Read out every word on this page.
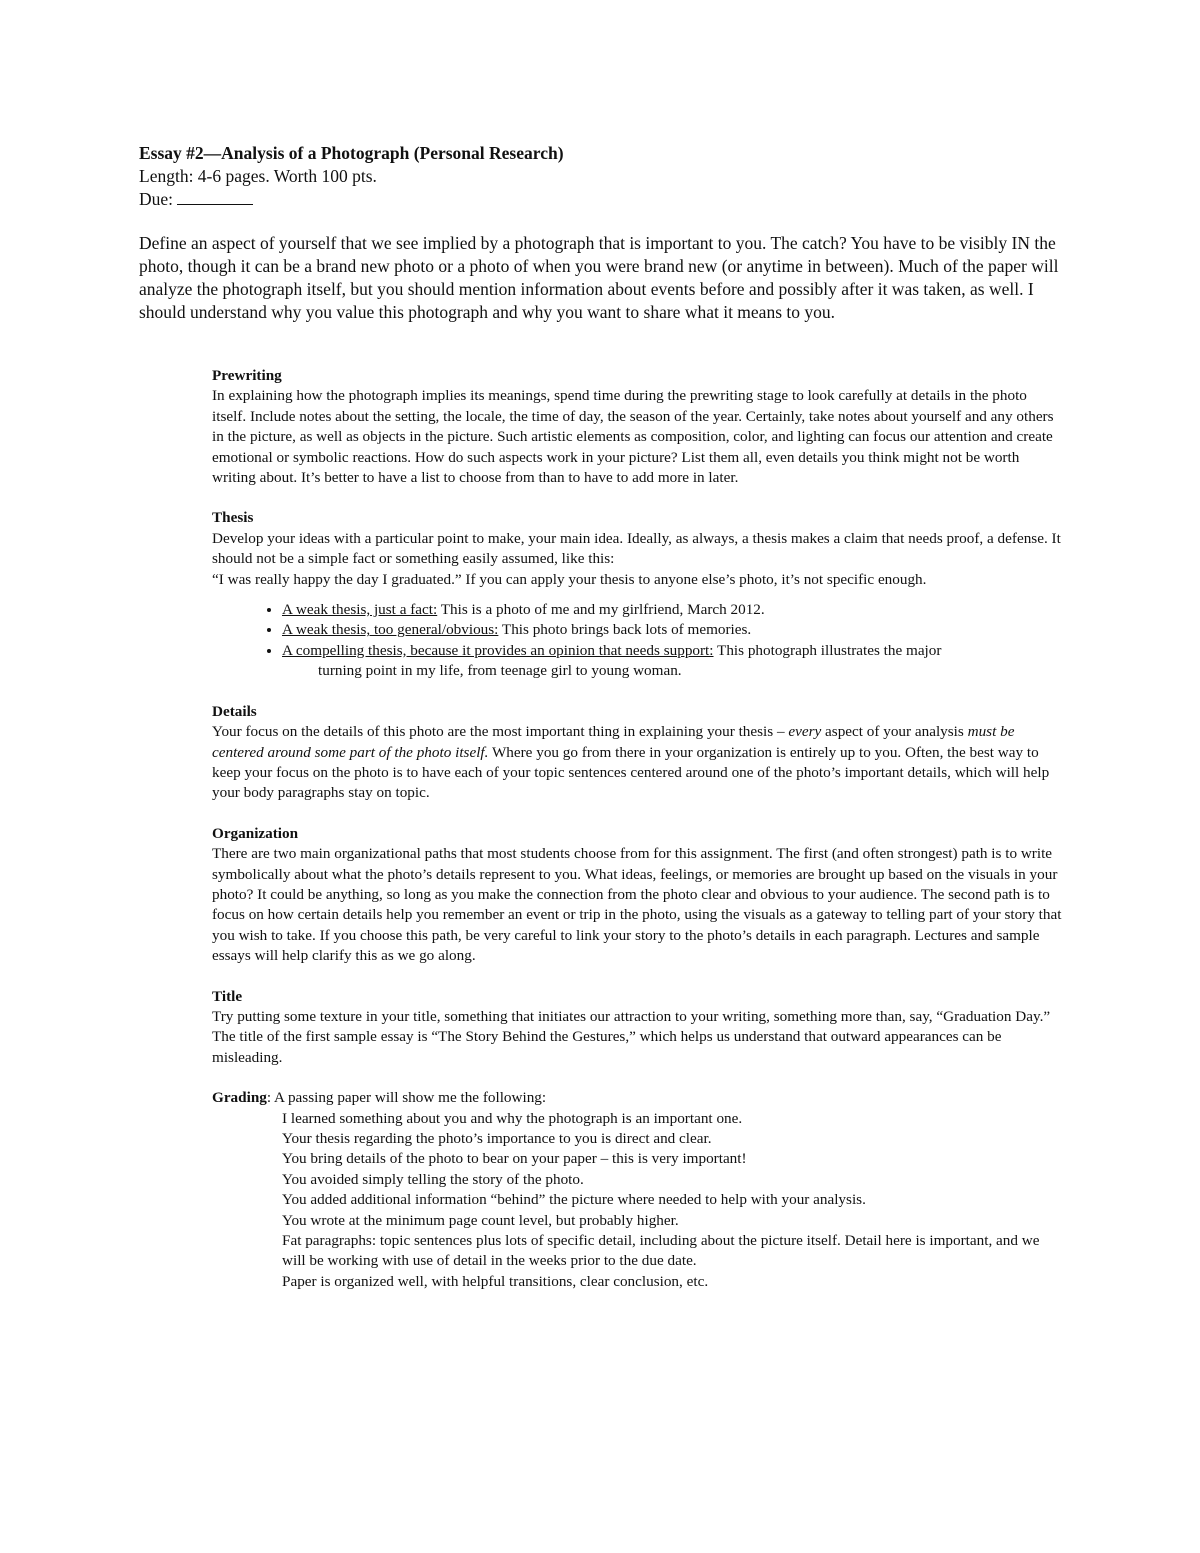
Essay #2—Analysis of a Photograph (Personal Research)
Length: 4-6 pages. Worth 100 pts.
Due:
Define an aspect of yourself that we see implied by a photograph that is important to you. The catch? You have to be visibly IN the photo, though it can be a brand new photo or a photo of when you were brand new (or anytime in between). Much of the paper will analyze the photograph itself, but you should mention information about events before and possibly after it was taken, as well. I should understand why you value this photograph and why you want to share what it means to you.
Prewriting
In explaining how the photograph implies its meanings, spend time during the prewriting stage to look carefully at details in the photo itself. Include notes about the setting, the locale, the time of day, the season of the year. Certainly, take notes about yourself and any others in the picture, as well as objects in the picture. Such artistic elements as composition, color, and lighting can focus our attention and create emotional or symbolic reactions. How do such aspects work in your picture? List them all, even details you think might not be worth writing about. It’s better to have a list to choose from than to have to add more in later.
Thesis
Develop your ideas with a particular point to make, your main idea. Ideally, as always, a thesis makes a claim that needs proof, a defense. It should not be a simple fact or something easily assumed, like this:
“I was really happy the day I graduated.” If you can apply your thesis to anyone else’s photo, it’s not specific enough.
• A weak thesis, just a fact: This is a photo of me and my girlfriend, March 2012.
• A weak thesis, too general/obvious: This photo brings back lots of memories.
• A compelling thesis, because it provides an opinion that needs support: This photograph illustrates the major
turning point in my life, from teenage girl to young woman.
Details
Your focus on the details of this photo are the most important thing in explaining your thesis – every aspect of your analysis must be centered around some part of the photo itself. Where you go from there in your organization is entirely up to you. Often, the best way to keep your focus on the photo is to have each of your topic sentences centered around one of the photo’s important details, which will help your body paragraphs stay on topic.
Organization
There are two main organizational paths that most students choose from for this assignment. The first (and often strongest) path is to write symbolically about what the photo’s details represent to you. What ideas, feelings, or memories are brought up based on the visuals in your photo? It could be anything, so long as you make the connection from the photo clear and obvious to your audience. The second path is to focus on how certain details help you remember an event or trip in the photo, using the visuals as a gateway to telling part of your story that you wish to take. If you choose this path, be very careful to link your story to the photo’s details in each paragraph. Lectures and sample essays will help clarify this as we go along.
Title
Try putting some texture in your title, something that initiates our attraction to your writing, something more than, say, “Graduation Day.” The title of the first sample essay is “The Story Behind the Gestures,” which helps us understand that outward appearances can be misleading.
Grading: A passing paper will show me the following:
I learned something about you and why the photograph is an important one.
Your thesis regarding the photo’s importance to you is direct and clear.
You bring details of the photo to bear on your paper – this is very important!
You avoided simply telling the story of the photo.
You added additional information “behind” the picture where needed to help with your analysis.
You wrote at the minimum page count level, but probably higher.
Fat paragraphs: topic sentences plus lots of specific detail, including about the picture itself. Detail here is important, and we will be working with use of detail in the weeks prior to the due date.
Paper is organized well, with helpful transitions, clear conclusion, etc.
